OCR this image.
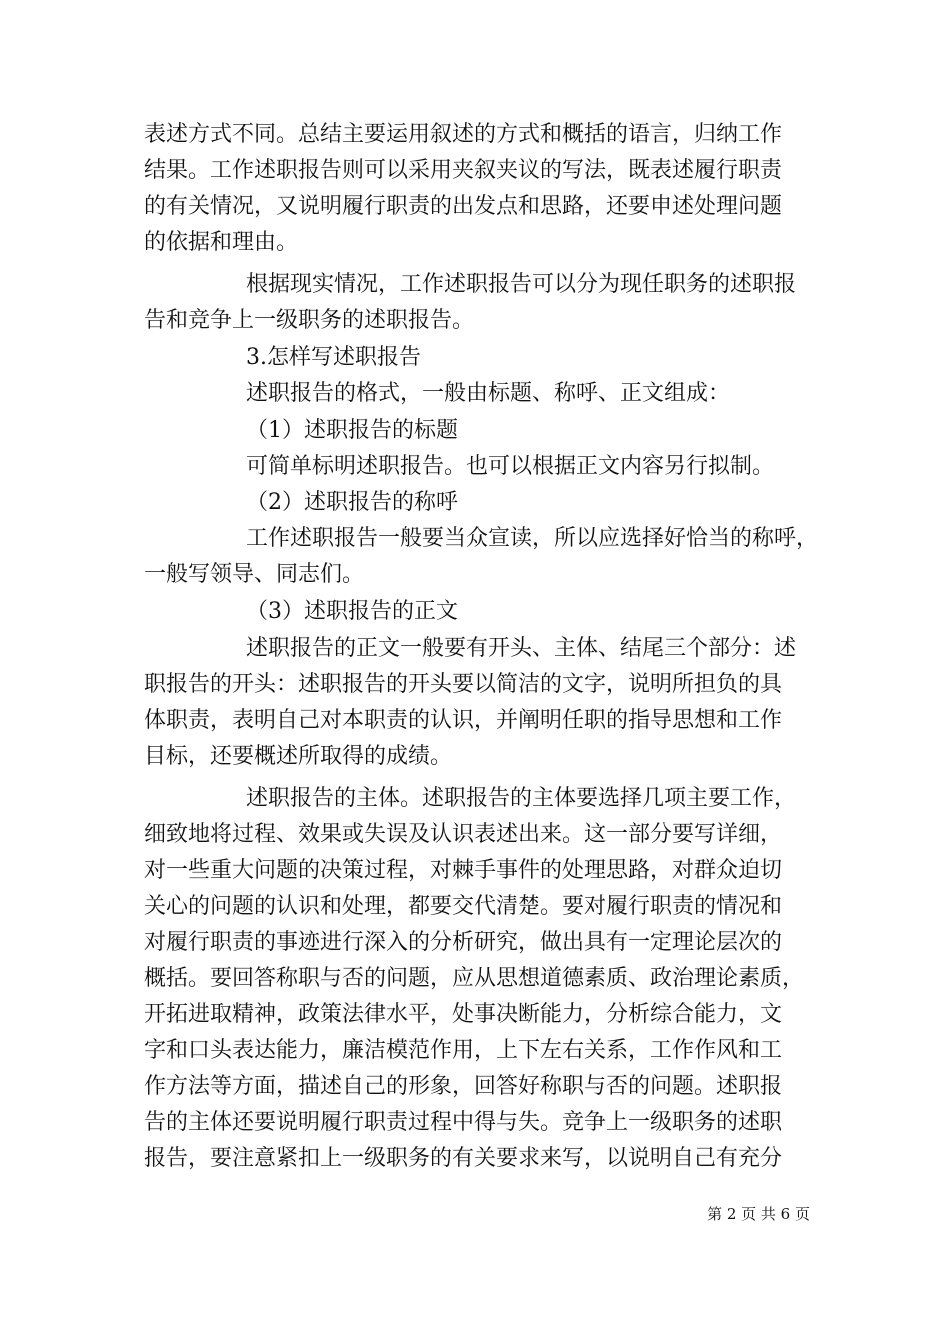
表述方式不同。总结主要运用叙述的方式和概括的语言，归纳工作
结果。工作述职报告则可以采用夹叙夹议的写法，既表述履行职责
的有关情况，又说明履行职责的出发点和思路，还要申述处理问题
的依据和理由。
根据现实情况，工作述职报告可以分为现任职务的述职报
告和竞争上一级职务的述职报告。
3.怎样写述职报告
述职报告的格式，一般由标题、称呼、正文组成：
（1）述职报告的标题
可简单标明述职报告。也可以根据正文内容另行拟制。
（2）述职报告的称呼
工作述职报告一般要当众宣读，所以应选择好恰当的称呼，
一般写领导、同志们。
（3）述职报告的正文
述职报告的正文一般要有开头、主体、结尾三个部分：述
职报告的开头：述职报告的开头要以简洁的文字，说明所担负的具
体职责，表明自己对本职责的认识，并阐明任职的指导思想和工作
目标，还要概述所取得的成绩。
述职报告的主体。述职报告的主体要选择几项主要工作，
细致地将过程、效果或失误及认识表述出来。这一部分要写详细，
对一些重大问题的决策过程，对棘手事件的处理思路，对群众迫切
关心的问题的认识和处理，都要交代清楚。要对履行职责的情况和
对履行职责的事迹进行深入的分析研究，做出具有一定理论层次的
概括。要回答称职与否的问题，应从思想道德素质、政治理论素质，
开拓进取精神，政策法律水平，处事决断能力，分析综合能力，文
字和口头表达能力，廉洁模范作用，上下左右关系，工作作风和工
作方法等方面，描述自己的形象，回答好称职与否的问题。述职报
告的主体还要说明履行职责过程中得与失。竞争上一级职务的述职
报告，要注意紧扣上一级职务的有关要求来写，以说明自己有充分
第 2 页 共 6 页
